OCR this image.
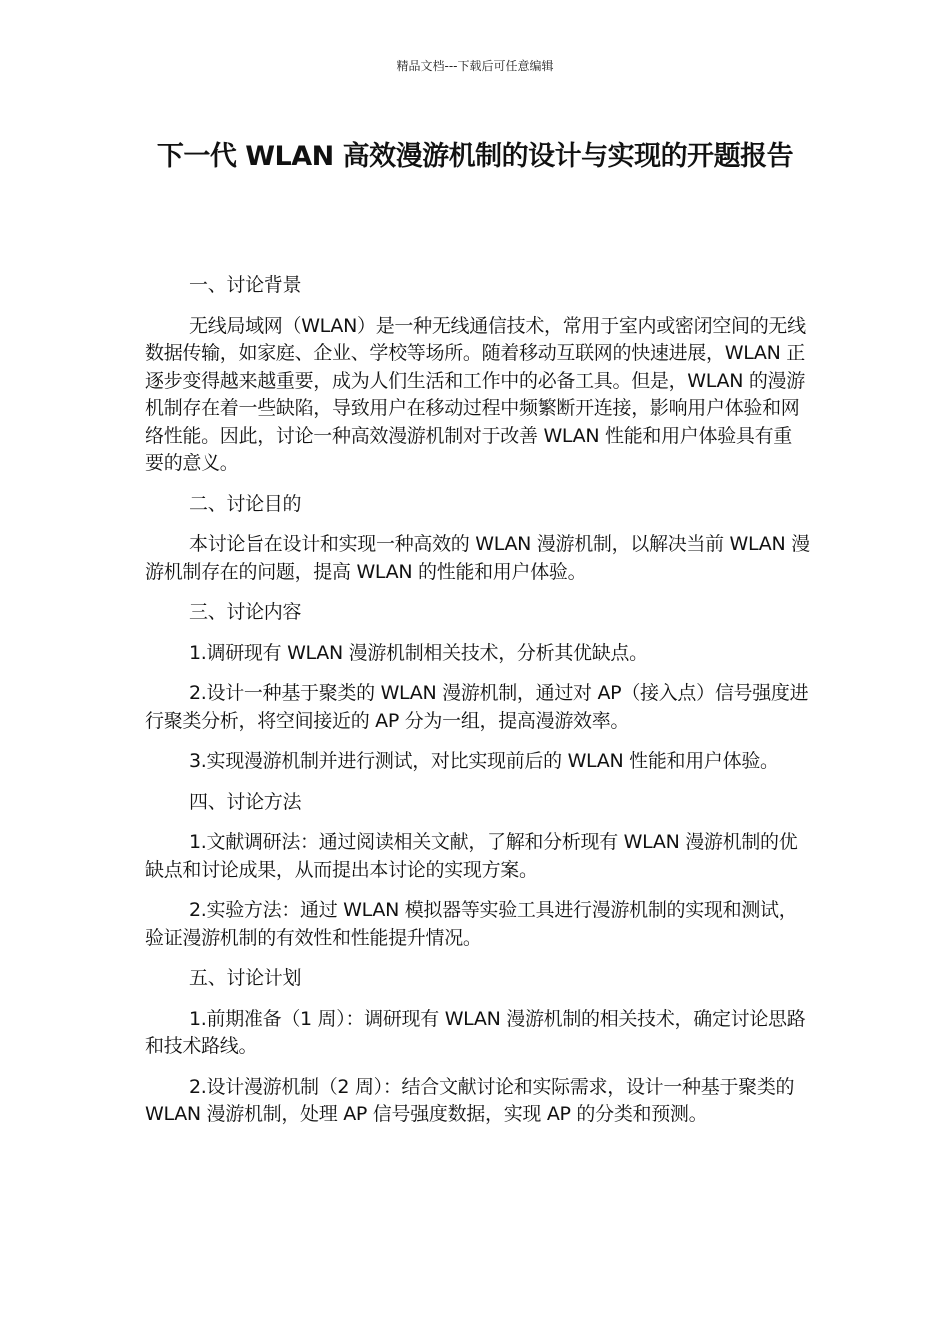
精品文档---下载后可任意编辑
下一代 WLAN 高效漫游机制的设计与实现的开题报告

一、讨论背景

无线局域网（WLAN）是一种无线通信技术，常用于室内或密闭空间的无线数据传输，如家庭、企业、学校等场所。随着移动互联网的快速进展，WLAN 正逐步变得越来越重要，成为人们生活和工作中的必备工具。但是，WLAN 的漫游机制存在着一些缺陷，导致用户在移动过程中频繁断开连接，影响用户体验和网络性能。因此，讨论一种高效漫游机制对于改善 WLAN 性能和用户体验具有重要的意义。

二、讨论目的

本讨论旨在设计和实现一种高效的 WLAN 漫游机制，以解决当前 WLAN 漫游机制存在的问题，提高 WLAN 的性能和用户体验。

三、讨论内容

1.调研现有 WLAN 漫游机制相关技术，分析其优缺点。

2.设计一种基于聚类的 WLAN 漫游机制，通过对 AP（接入点）信号强度进行聚类分析，将空间接近的 AP 分为一组，提高漫游效率。

3.实现漫游机制并进行测试，对比实现前后的 WLAN 性能和用户体验。

四、讨论方法

1.文献调研法：通过阅读相关文献，了解和分析现有 WLAN 漫游机制的优缺点和讨论成果，从而提出本讨论的实现方案。

2.实验方法：通过 WLAN 模拟器等实验工具进行漫游机制的实现和测试，验证漫游机制的有效性和性能提升情况。

五、讨论计划

1.前期准备（1 周）：调研现有 WLAN 漫游机制的相关技术，确定讨论思路和技术路线。

2.设计漫游机制（2 周）：结合文献讨论和实际需求，设计一种基于聚类的 WLAN 漫游机制，处理 AP 信号强度数据，实现 AP 的分类和预测。
